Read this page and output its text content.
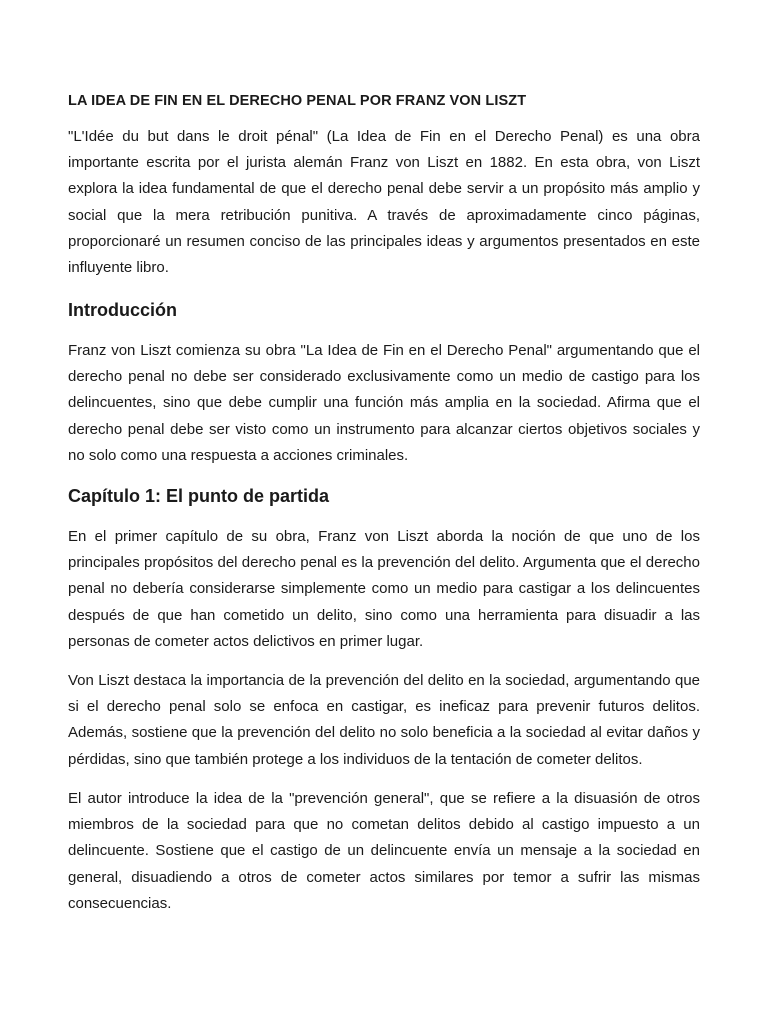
LA IDEA DE FIN EN EL DERECHO PENAL POR FRANZ VON LISZT

"L'Idée du but dans le droit pénal" (La Idea de Fin en el Derecho Penal) es una obra importante escrita por el jurista alemán Franz von Liszt en 1882. En esta obra, von Liszt explora la idea fundamental de que el derecho penal debe servir a un propósito más amplio y social que la mera retribución punitiva. A través de aproximadamente cinco páginas, proporcionaré un resumen conciso de las principales ideas y argumentos presentados en este influyente libro.

Introducción

Franz von Liszt comienza su obra "La Idea de Fin en el Derecho Penal" argumentando que el derecho penal no debe ser considerado exclusivamente como un medio de castigo para los delincuentes, sino que debe cumplir una función más amplia en la sociedad. Afirma que el derecho penal debe ser visto como un instrumento para alcanzar ciertos objetivos sociales y no solo como una respuesta a acciones criminales.

Capítulo 1: El punto de partida

En el primer capítulo de su obra, Franz von Liszt aborda la noción de que uno de los principales propósitos del derecho penal es la prevención del delito. Argumenta que el derecho penal no debería considerarse simplemente como un medio para castigar a los delincuentes después de que han cometido un delito, sino como una herramienta para disuadir a las personas de cometer actos delictivos en primer lugar.

Von Liszt destaca la importancia de la prevención del delito en la sociedad, argumentando que si el derecho penal solo se enfoca en castigar, es ineficaz para prevenir futuros delitos. Además, sostiene que la prevención del delito no solo beneficia a la sociedad al evitar daños y pérdidas, sino que también protege a los individuos de la tentación de cometer delitos.

El autor introduce la idea de la "prevención general", que se refiere a la disuasión de otros miembros de la sociedad para que no cometan delitos debido al castigo impuesto a un delincuente. Sostiene que el castigo de un delincuente envía un mensaje a la sociedad en general, disuadiendo a otros de cometer actos similares por temor a sufrir las mismas consecuencias.
